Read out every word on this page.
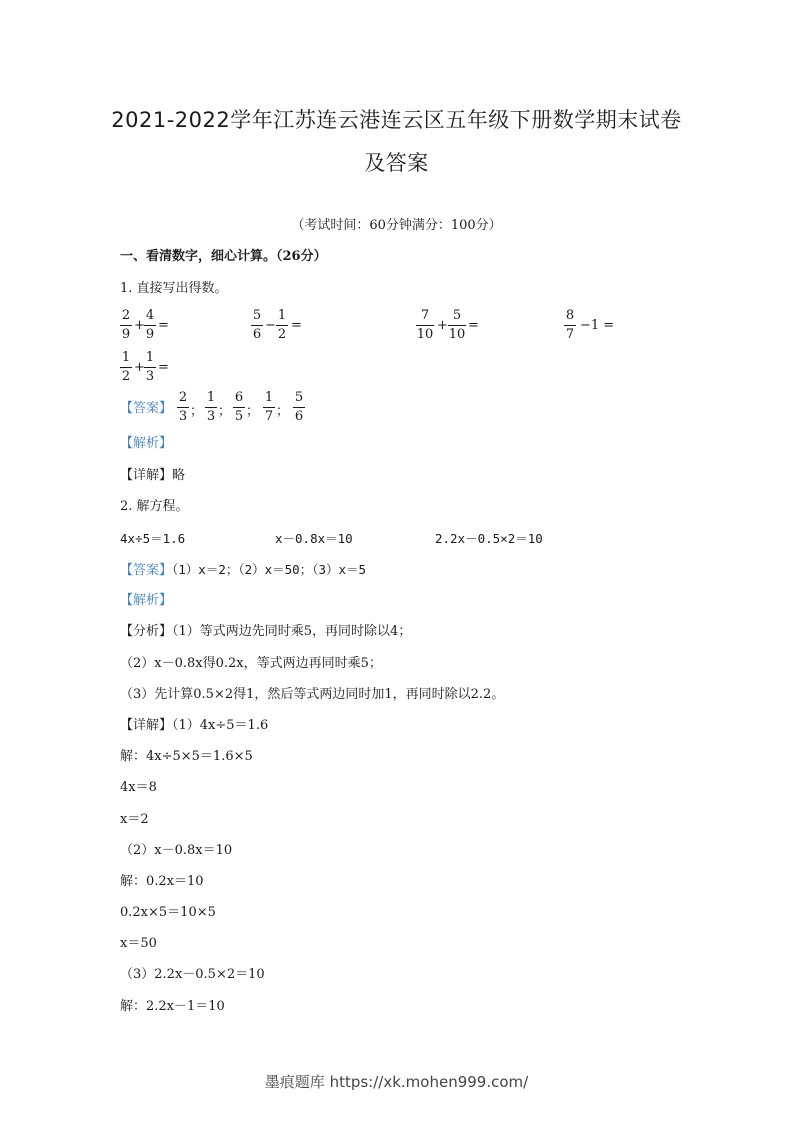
2021-2022学年江苏连云港连云区五年级下册数学期末试卷
及答案
（考试时间：60分钟满分：100分）
一、看清数字，细心计算。（26分）
1. 直接写出得数。
2
9
+
4
9
=
5
6
−
1
2
=
7
10
+
5
10
=
8
7
−1 =
1
2
+
1
3
=
【答案】
2
3 ；
1
3 ；
6
5 ；
1
7 ；
5
6
【解析】
【详解】略
2. 解方程。
4x÷5＝1.6	x－0.8x＝10	2.2x－0.5×2＝10
【答案】（1）x＝2；（2）x＝50；（3）x＝5
【解析】
【分析】（1）等式两边先同时乘5，再同时除以4；
（2）x－0.8x得0.2x，等式两边再同时乘5；
（3）先计算0.5×2得1，然后等式两边同时加1，再同时除以2.2。
【详解】（1）4x÷5＝1.6
解：4x÷5×5＝1.6×5
4x＝8
x＝2
（2）x－0.8x＝10
解：0.2x＝10
0.2x×5＝10×5
x＝50
（3）2.2x－0.5×2＝10
解：2.2x－1＝10
墨痕题库 https://xk.mohen999.com/
